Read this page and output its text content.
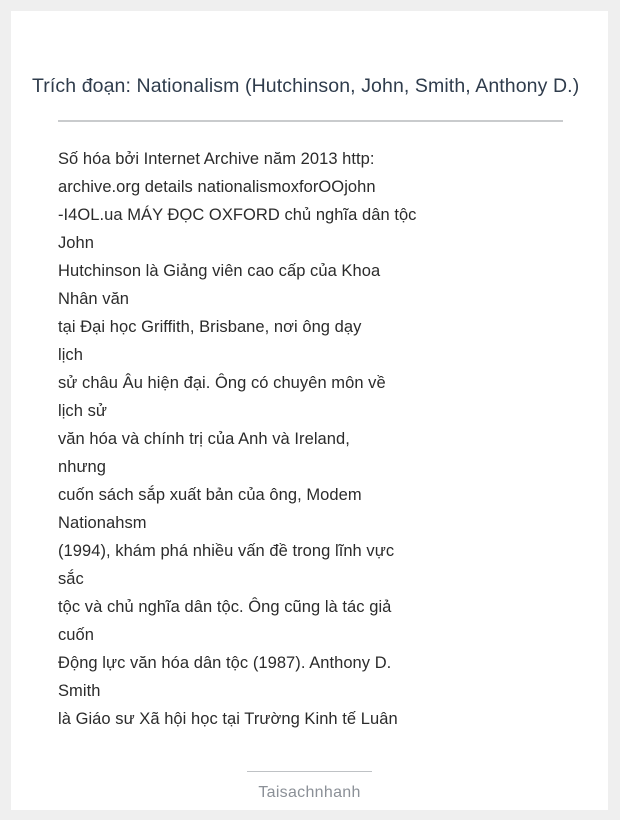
Trích đoạn: Nationalism (Hutchinson, John, Smith, Anthony D.)
Số hóa bởi Internet Archive năm 2013 http:
archive.org details nationalismoxforOOjohn
-I4OL.ua MÁY ĐỌC OXFORD chủ nghĩa dân tộc
John
Hutchinson là Giảng viên cao cấp của Khoa
Nhân văn
tại Đại học Griffith, Brisbane, nơi ông dạy
lịch
sử châu Âu hiện đại. Ông có chuyên môn về
lịch sử
văn hóa và chính trị của Anh và Ireland,
nhưng
cuốn sách sắp xuất bản của ông, Modem
Nationahsm
(1994), khám phá nhiều vấn đề trong lĩnh vực
sắc
tộc và chủ nghĩa dân tộc. Ông cũng là tác giả
cuốn
Động lực văn hóa dân tộc (1987). Anthony D.
Smith
là Giáo sư Xã hội học tại Trường Kinh tế Luân
Taisachnhanh
